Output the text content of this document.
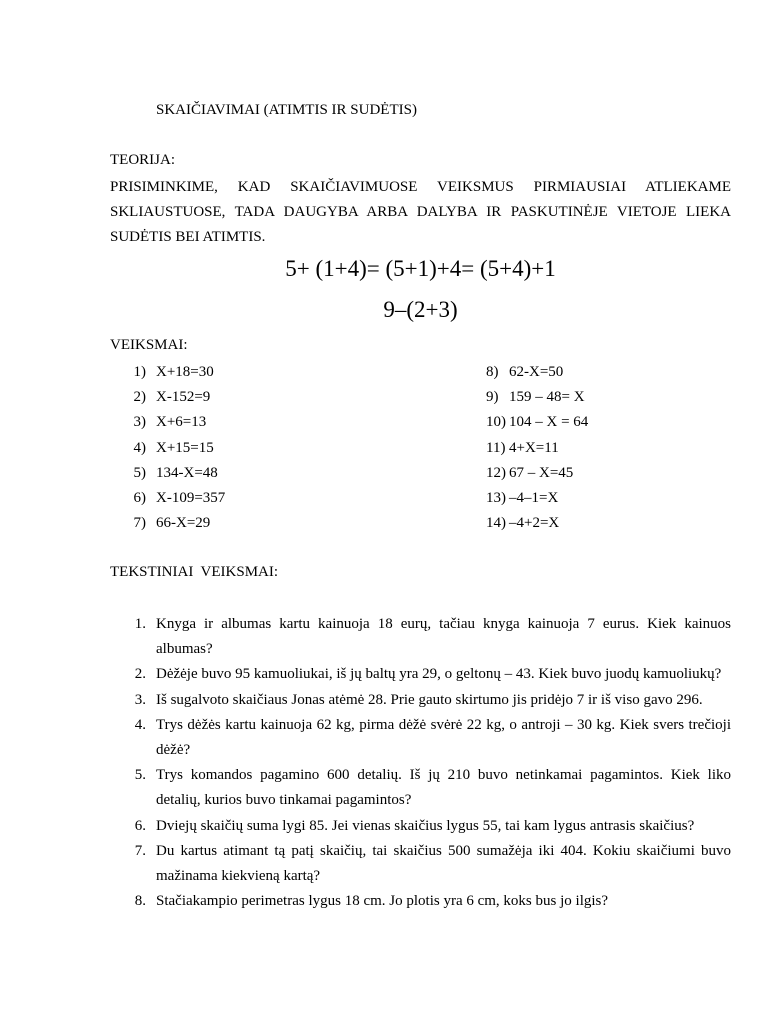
SKAIČIAVIMAI (ATIMTIS IR SUDĖTIS)
TEORIJA:
PRISIMINKIME, KAD SKAIČIAVIMUOSE VEIKSMUS PIRMIAUSIAI ATLIEKAME SKLIAUSTUOSE, TADA DAUGYBA ARBA DALYBA IR PASKUTINĖJE VIETOJE LIEKA SUDĖTIS BEI ATIMTIS.
5+ (1+4)= (5+1)+4= (5+4)+1
9–(2+3)
VEIKSMAI:
1) X+18=30
2) X-152=9
3) X+6=13
4) X+15=15
5) 134-X=48
6) X-109=357
7) 66-X=29
8) 62-X=50
9) 159 – 48= X
10) 104 – X = 64
11) 4+X=11
12) 67 – X=45
13) –4–1=X
14) –4+2=X
TEKSTINIAI  VEIKSMAI:
1. Knyga ir albumas kartu kainuoja 18 eurų, tačiau knyga kainuoja 7 eurus. Kiek kainuos albumas?
2. Dėžėje buvo 95 kamuoliukai, iš jų baltų yra 29, o geltonų – 43. Kiek buvo juodų kamuoliukų?
3. Iš sugalvoto skaičiaus Jonas atėmė 28. Prie gauto skirtumo jis pridėjo 7 ir iš viso gavo 296.
4. Trys dėžės kartu kainuoja 62 kg, pirma dėžė svėrė 22 kg, o antroji – 30 kg. Kiek svers trečioji dėžė?
5. Trys komandos pagamino 600 detalių. Iš jų 210 buvo netinkamai pagamintos. Kiek liko detalių, kurios buvo tinkamai pagamintos?
6. Dviejų skaičių suma lygi 85. Jei vienas skaičius lygus 55, tai kam lygus antrasis skaičius?
7. Du kartus atimant tą patį skaičių, tai skaičius 500 sumažėja iki 404. Kokiu skaičiumi buvo mažinama kiekvieną kartą?
8. Stačiakampio perimetras lygus 18 cm. Jo plotis yra 6 cm, koks bus jo ilgis?
